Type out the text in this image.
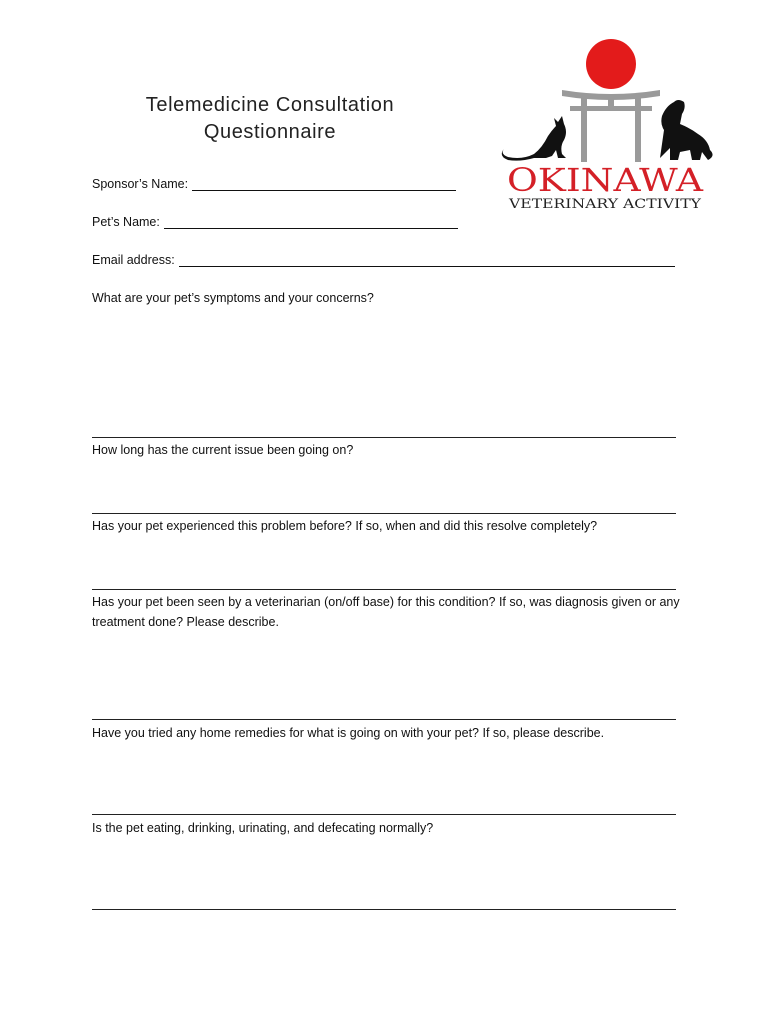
Telemedicine Consultation
Questionnaire
OKINAWA
VETERINARY ACTIVITY
Sponsor’s Name:
Pet’s Name:
Email address:
What are your pet’s symptoms and your concerns?
How long has the current issue been going on?
Has your pet experienced this problem before? If so, when and did this resolve completely?
Has your pet been seen by a veterinarian (on/off base) for this condition? If so, was diagnosis given or any treatment done? Please describe.
Have you tried any home remedies for what is going on with your pet? If so, please describe.
Is the pet eating, drinking, urinating, and defecating normally?
